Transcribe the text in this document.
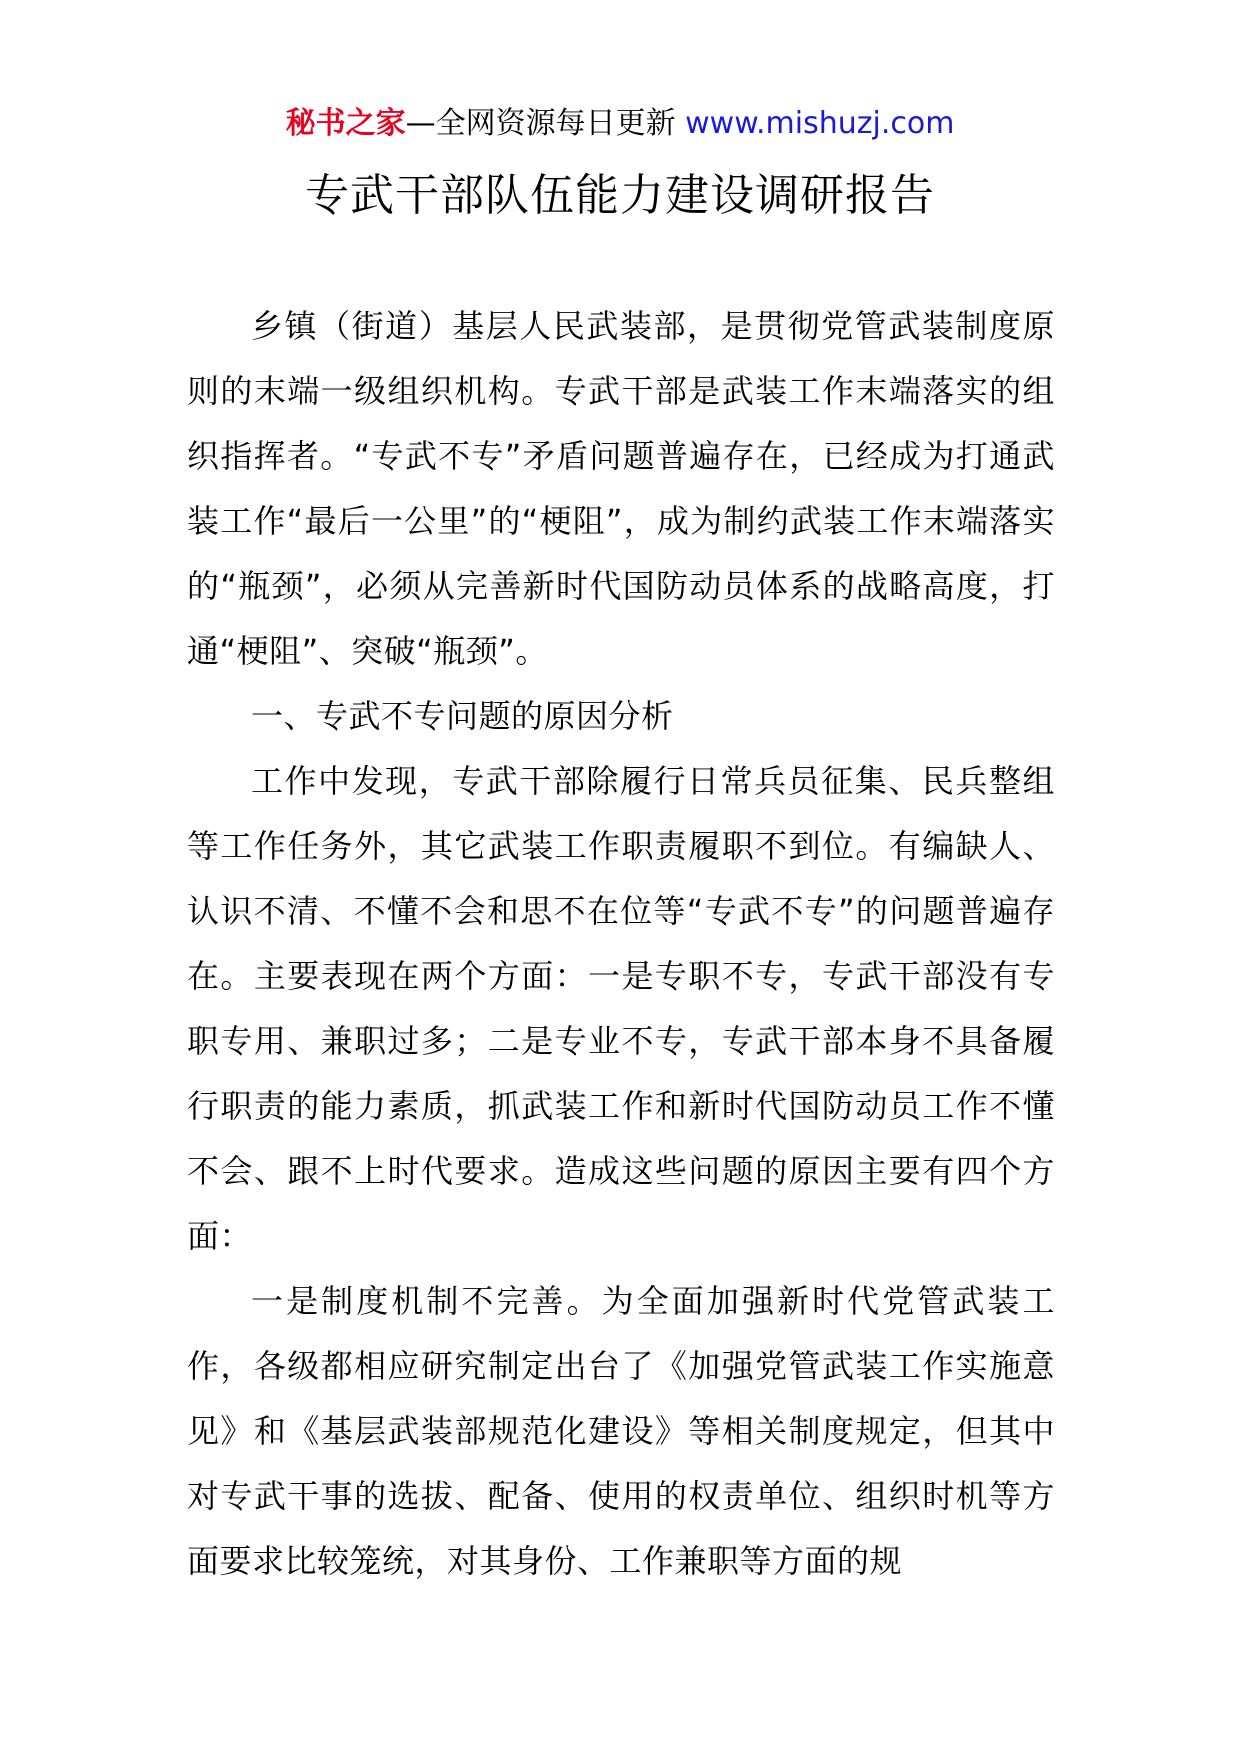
秘书之家—全网资源每日更新 www.mishuzj.com
专武干部队伍能力建设调研报告

乡镇（街道）基层人民武装部，是贯彻党管武装制度原则的末端一级组织机构。专武干部是武装工作末端落实的组织指挥者。“专武不专”矛盾问题普遍存在，已经成为打通武装工作“最后一公里”的“梗阻”，成为制约武装工作末端落实的“瓶颈”，必须从完善新时代国防动员体系的战略高度，打通“梗阻”、突破“瓶颈”。

一、专武不专问题的原因分析

工作中发现，专武干部除履行日常兵员征集、民兵整组等工作任务外，其它武装工作职责履职不到位。有编缺人、认识不清、不懂不会和思不在位等“专武不专”的问题普遍存在。主要表现在两个方面：一是专职不专，专武干部没有专职专用、兼职过多；二是专业不专，专武干部本身不具备履行职责的能力素质，抓武装工作和新时代国防动员工作不懂不会、跟不上时代要求。造成这些问题的原因主要有四个方面：

一是制度机制不完善。为全面加强新时代党管武装工作，各级都相应研究制定出台了《加强党管武装工作实施意见》和《基层武装部规范化建设》等相关制度规定，但其中对专武干事的选拔、配备、使用的权责单位、组织时机等方面要求比较笼统，对其身份、工作兼职等方面的规
